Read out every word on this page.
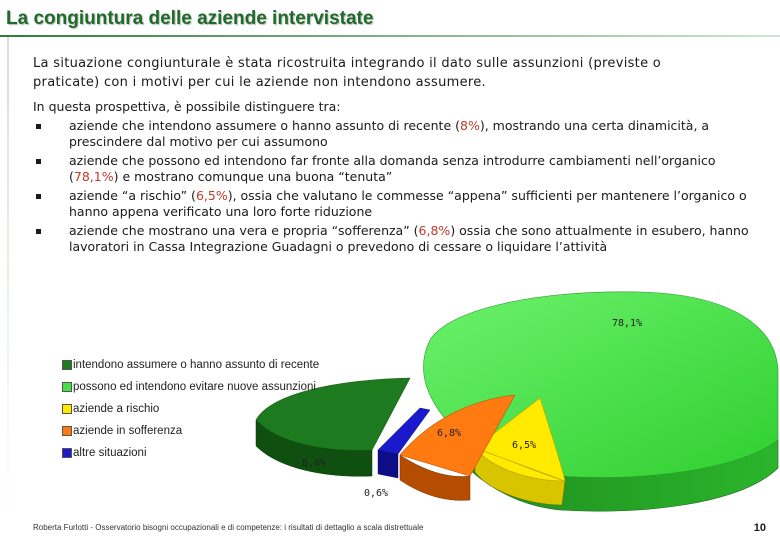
La congiuntura delle aziende intervistate
La situazione congiunturale è stata ricostruita integrando il dato sulle assunzioni (previste o praticate) con i motivi per cui le aziende non intendono assumere.
In questa prospettiva, è possibile distinguere tra:
aziende che intendono assumere o hanno assunto di recente (8%), mostrando una certa dinamicità, a prescindere dal motivo per cui assumono
aziende che possono ed intendono far fronte alla domanda senza introdurre cambiamenti nell’organico (78,1%) e mostrano comunque una buona “tenuta”
aziende “a rischio” (6,5%), ossia che valutano le commesse “appena” sufficienti per mantenere l’organico o hanno appena verificato una loro forte riduzione
aziende che mostrano una vera e propria “sofferenza” (6,8%) ossia che sono attualmente in esubero, hanno lavoratori in Cassa Integrazione Guadagni o prevedono di cessare o liquidare l’attività
intendono assumere o hanno assunto di recente
possono ed intendono evitare nuove assunzioni
aziende a rischio
aziende in sofferenza
altre situazioni
78,1%
6,8%
6,5%
8,0%
0,6%
Roberta Furlotti - Osservatorio bisogni occupazionali e di competenze: i risultati di dettaglio a scala distrettuale	10
